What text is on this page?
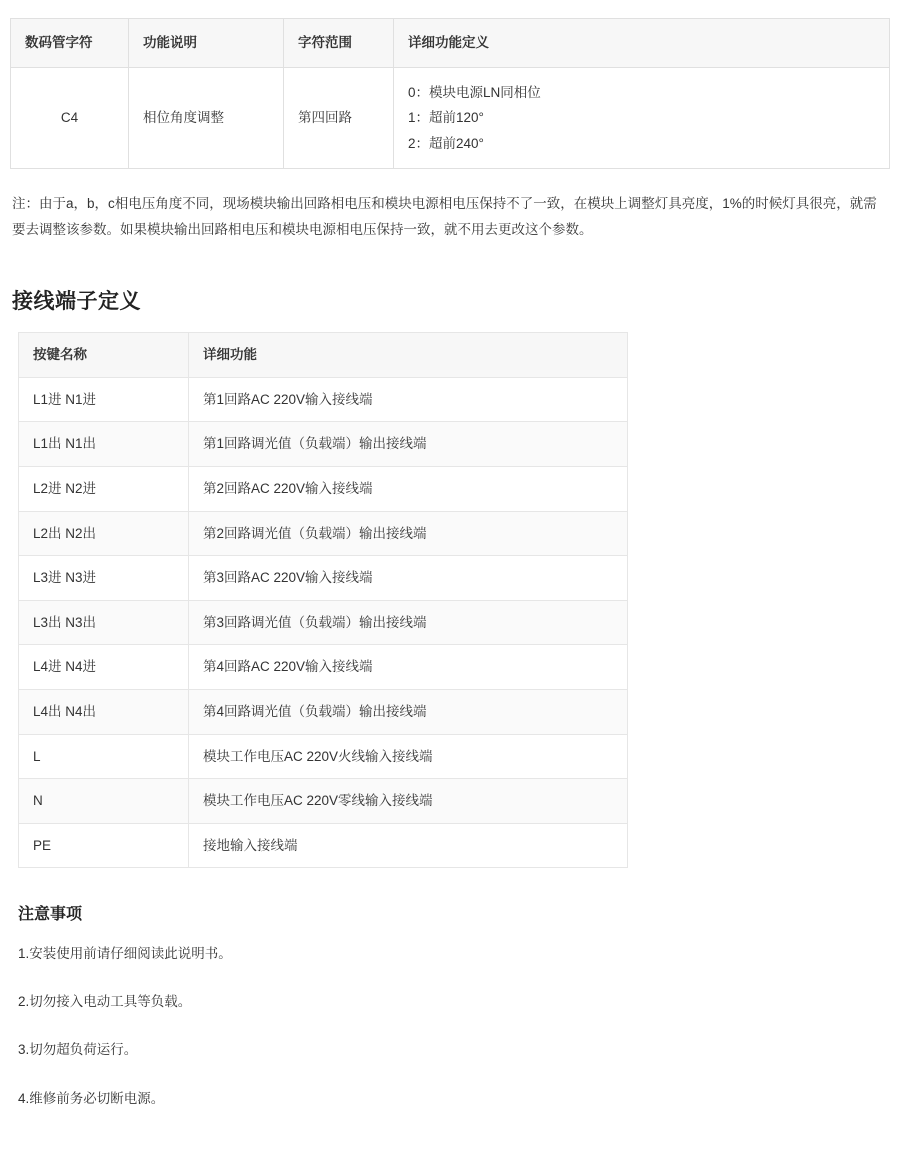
数码管字符	功能说明	字符范围	详细功能定义
C4	相位角度调整	第四回路	0：模块电源LN同相位
1：超前120°
2：超前240°

注：由于a，b，c相电压角度不同，现场模块输出回路相电压和模块电源相电压保持不了一致，在模块上调整灯具亮度，1%的时候灯具很亮，就需要去调整该参数。如果模块输出回路相电压和模块电源相电压保持一致，就不用去更改这个参数。

接线端子定义
按键名称	详细功能
L1进 N1进	第1回路AC 220V输入接线端
L1出 N1出	第1回路调光值（负载端）输出接线端
L2进 N2进	第2回路AC 220V输入接线端
L2出 N2出	第2回路调光值（负载端）输出接线端
L3进 N3进	第3回路AC 220V输入接线端
L3出 N3出	第3回路调光值（负载端）输出接线端
L4进 N4进	第4回路AC 220V输入接线端
L4出 N4出	第4回路调光值（负载端）输出接线端
L	模块工作电压AC 220V火线输入接线端
N	模块工作电压AC 220V零线输入接线端
PE	接地输入接线端
注意事项
1.安装使用前请仔细阅读此说明书。
2.切勿接入电动工具等负载。
3.切勿超负荷运行。
4.维修前务必切断电源。
